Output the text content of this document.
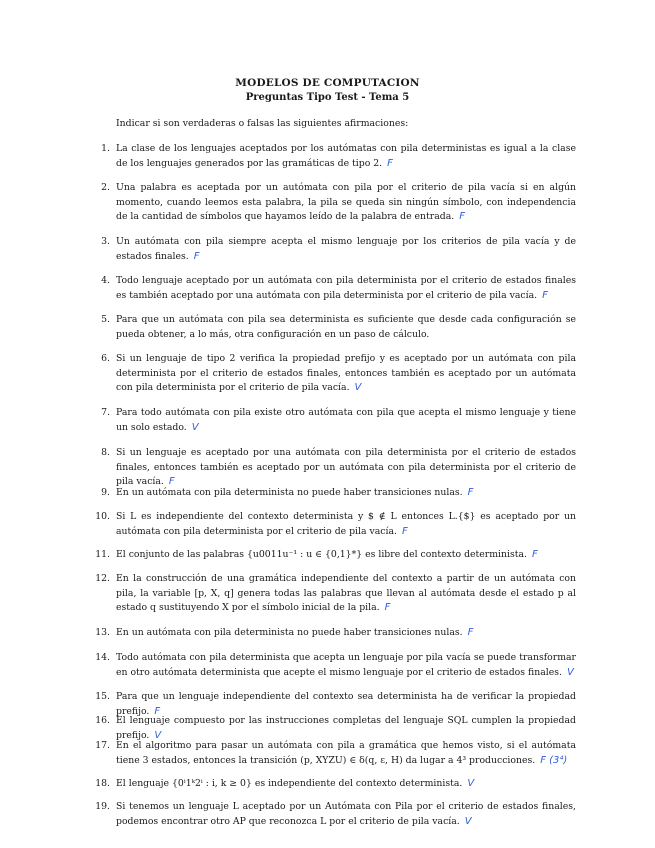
MODELOS DE COMPUTACION
Preguntas Tipo Test - Tema 5
Indicar si son verdaderas o falsas las siguientes afirmaciones:
1. La clase de los lenguajes aceptados por los autómatas con pila deterministas es igual a la clase de los lenguajes generados por las gramáticas de tipo 2. F
2. Una palabra es aceptada por un autómata con pila por el criterio de pila vacía si en algún momento, cuando leemos esta palabra, la pila se queda sin ningún símbolo, con independencia de la cantidad de símbolos que hayamos leído de la palabra de entrada. F
3. Un autómata con pila siempre acepta el mismo lenguaje por los criterios de pila vacía y de estados finales. F
4. Todo lenguaje aceptado por un autómata con pila determinista por el criterio de estados finales es también aceptado por una autómata con pila determinista por el criterio de pila vacía. F
5. Para que un autómata con pila sea determinista es suficiente que desde cada configuración se pueda obtener, a lo más, otra configuración en un paso de cálculo.
6. Si un lenguaje de tipo 2 verifica la propiedad prefijo y es aceptado por un autómata con pila determinista por el criterio de estados finales, entonces también es aceptado por un autómata con pila determinista por el criterio de pila vacía. V
7. Para todo autómata con pila existe otro autómata con pila que acepta el mismo lenguaje y tiene un solo estado. V
8. Si un lenguaje es aceptado por una autómata con pila determinista por el criterio de estados finales, entonces también es aceptado por un autómata con pila determinista por el criterio de pila vacía. F
9. En un autómata con pila determinista no puede haber transiciones nulas. F
10. Si L es independiente del contexto determinista y $ ∉ L entonces L.{$} es aceptado por un autómata con pila determinista por el criterio de pila vacía. F
11. El conjunto de las palabras {u0011u⁻¹ : u ∈ {0,1}*} es libre del contexto determinista. F
12. En la construcción de una gramática independiente del contexto a partir de un autómata con pila, la variable [p, X, q] genera todas las palabras que llevan al autómata desde el estado p al estado q sustituyendo X por el símbolo inicial de la pila. F
13. En un autómata con pila determinista no puede haber transiciones nulas. F
14. Todo autómata con pila determinista que acepta un lenguaje por pila vacía se puede transformar en otro autómata determinista que acepte el mismo lenguaje por el criterio de estados finales. V
15. Para que un lenguaje independiente del contexto sea determinista ha de verificar la propiedad prefijo. F
16. El lenguaje compuesto por las instrucciones completas del lenguaje SQL cumplen la propiedad prefijo. V
17. En el algoritmo para pasar un autómata con pila a gramática que hemos visto, si el autómata tiene 3 estados, entonces la transición (p, XYZU) ∈ δ(q, ε, H) da lugar a 4³ producciones. F (3⁴)
18. El lenguaje {0ⁱ1ᵏ2ⁱ : i, k ≥ 0} es independiente del contexto determinista. V
19. Si tenemos un lenguaje L aceptado por un Autómata con Pila por el criterio de estados finales, podemos encontrar otro AP que reconozca L por el criterio de pila vacía. V
